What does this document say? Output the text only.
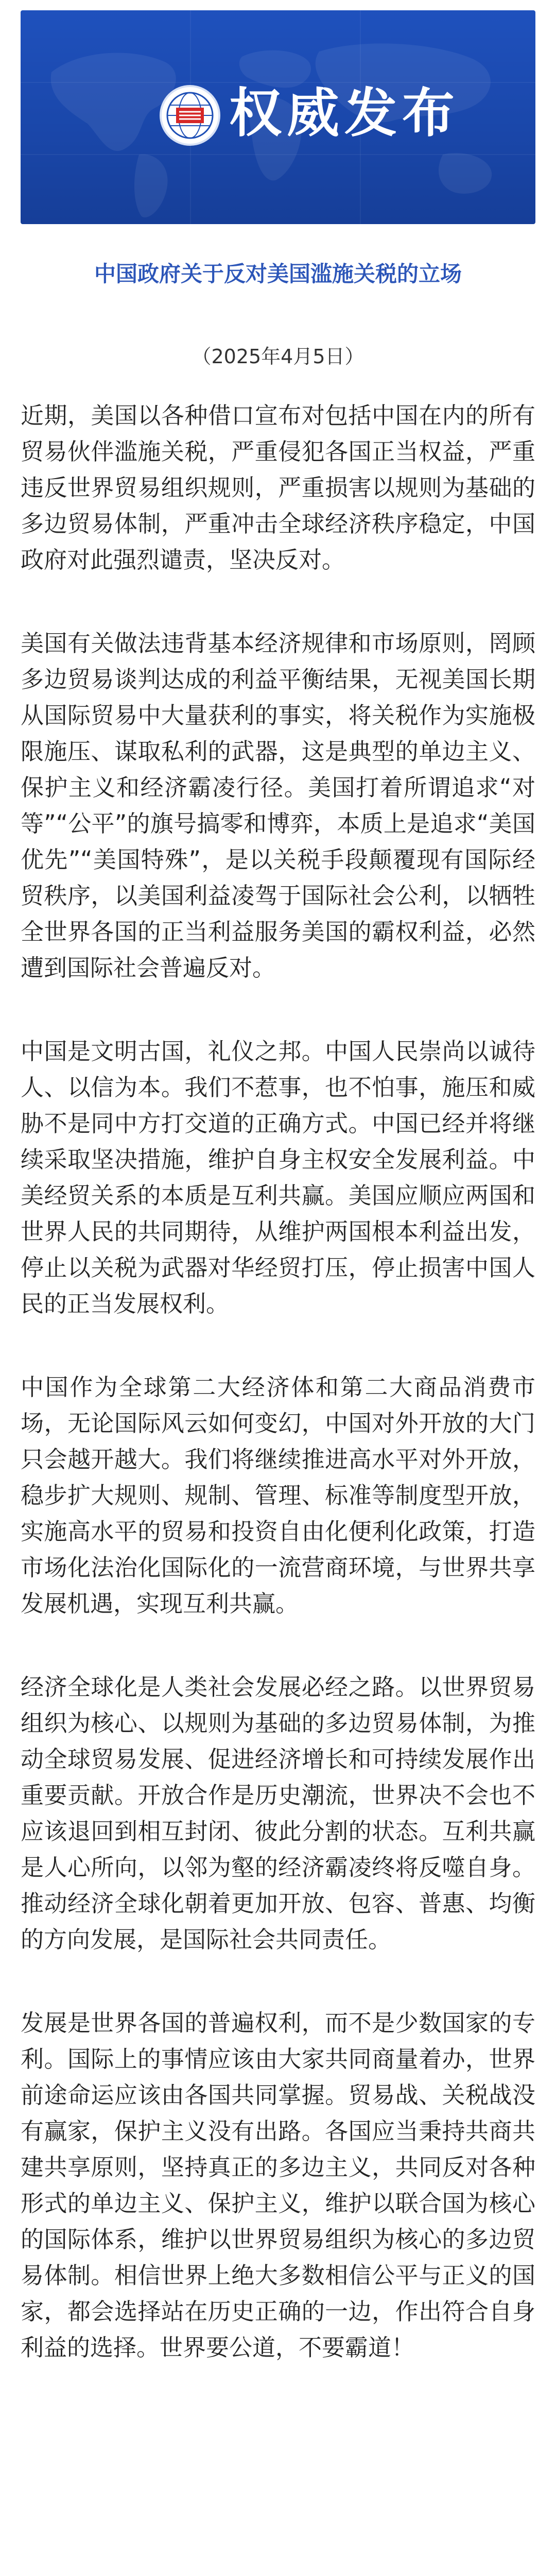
权威发布
中国政府关于反对美国滥施关税的立场
（2025年4月5日）

近期，美国以各种借口宣布对包括中国在内的所有贸易伙伴滥施关税，严重侵犯各国正当权益，严重违反世界贸易组织规则，严重损害以规则为基础的多边贸易体制，严重冲击全球经济秩序稳定，中国政府对此强烈谴责，坚决反对。

美国有关做法违背基本经济规律和市场原则，罔顾多边贸易谈判达成的利益平衡结果，无视美国长期从国际贸易中大量获利的事实，将关税作为实施极限施压、谋取私利的武器，这是典型的单边主义、保护主义和经济霸凌行径。美国打着所谓追求“对等”“公平”的旗号搞零和博弈，本质上是追求“美国优先”“美国特殊”，是以关税手段颠覆现有国际经贸秩序，以美国利益凌驾于国际社会公利，以牺牲全世界各国的正当利益服务美国的霸权利益，必然遭到国际社会普遍反对。

中国是文明古国，礼仪之邦。中国人民崇尚以诚待人、以信为本。我们不惹事，也不怕事，施压和威胁不是同中方打交道的正确方式。中国已经并将继续采取坚决措施，维护自身主权安全发展利益。中美经贸关系的本质是互利共赢。美国应顺应两国和世界人民的共同期待，从维护两国根本利益出发，停止以关税为武器对华经贸打压，停止损害中国人民的正当发展权利。

中国作为全球第二大经济体和第二大商品消费市场，无论国际风云如何变幻，中国对外开放的大门只会越开越大。我们将继续推进高水平对外开放，稳步扩大规则、规制、管理、标准等制度型开放，实施高水平的贸易和投资自由化便利化政策，打造市场化法治化国际化的一流营商环境，与世界共享发展机遇，实现互利共赢。

经济全球化是人类社会发展必经之路。以世界贸易组织为核心、以规则为基础的多边贸易体制，为推动全球贸易发展、促进经济增长和可持续发展作出重要贡献。开放合作是历史潮流，世界决不会也不应该退回到相互封闭、彼此分割的状态。互利共赢是人心所向，以邻为壑的经济霸凌终将反噬自身。推动经济全球化朝着更加开放、包容、普惠、均衡的方向发展，是国际社会共同责任。

发展是世界各国的普遍权利，而不是少数国家的专利。国际上的事情应该由大家共同商量着办，世界前途命运应该由各国共同掌握。贸易战、关税战没有赢家，保护主义没有出路。各国应当秉持共商共建共享原则，坚持真正的多边主义，共同反对各种形式的单边主义、保护主义，维护以联合国为核心的国际体系，维护以世界贸易组织为核心的多边贸易体制。相信世界上绝大多数相信公平与正义的国家，都会选择站在历史正确的一边，作出符合自身利益的选择。世界要公道，不要霸道！
